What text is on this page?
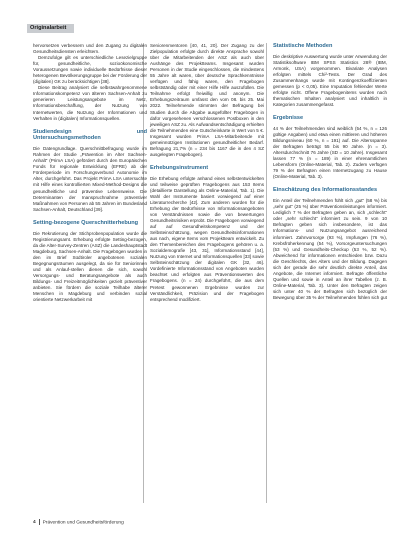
Originalarbeit

hervorsetzen verbessern und den Zugang zu digitalen Gesundheitsdiensten erleichtern.

Demzufolge gilt es unterschiedliche Lesezielgruppe für, gesundheitliche, sozioökonomische Voraussetzungen sowie individuelle Bedürfnisse dieser heterogenen Bevölkerungsgruppe bei der Förderung der (digitalen) GK zu berücksichtigen [38].

Diese Beitrag analysiert die selbstwahrgenommene Informationskompetenz von älteren Sachsen-Anhalt zu generieren Leistungsangebote im Netz, Informationsbeschaffung, der Nutzung von Internetwerten, die Nutzung der Informationen und Verhalten in (digitalen) Informationsquellen.

Studiendesign und Untersuchungsmethoden

Die Datengrundlage. Querschnittbefragung wurde im Rahmen der Studie „Prävention im Alter Sachsen-Anhalt“ (PrimA LSA) gefördert durch den Europäischen Fonds für regionale Entwicklung (EFRE) ab der Förderperiode im Forschungsverbund Autonomie im Alter, durchgeführt. Das Projekt PrimA LSA untersuchte mit Hilfe eines kontrollierten Mixed-Method-Designs die gesundheitliche und präventive Lebensweise. Die Determinanten der Inanspruchnahme präventiver Maßnahmen von Personen ab 55 Jahren im Bundesland Sachsen-Anhalt, Deutschland [39].

Setting-bezogene Querschnitterhebung

Die Rekrutierung der Stichprobenpopulation wurde die Registrierungsamt. Erhebung erfolgte Setting-bezogen, da die Alter-Survey-Zentren (ASZ) die Landeshauptstadt Magdeburg, Sachsen-Anhalt. Die Fragebögen wurden in den im Brief Südtiroler angebotenen sozialen Begegnungsräumen ausgelegt, da sie für Seniorinnen und als Anlauf-stellen dienen die sich, sowohl Versorgungs- und Beratungsangebote als auch Bildungs- und Freizeitmöglichkeiten gezielt präventiver anbieten. Sie fördern die soziale Teilhabe älterer Menschen in Magdeburg und verbinden sozial orientierte Netzwerkarbeit mit

Seniorenmentoren [40, 41, 20]. Der Zugang zu der Zielpopulation erfolgte durch direkte Ansprache sowohl über die Mitarbeitenden der ASZ als auch über Aushänge des Projektteams. Insgesamt wurden Personen in der Studie eingeschlossen, die mindestens 55 Jahre alt waren, über deutsche Sprachkenntnisse verfügen und fähig waren, den Fragebogen selbstständig oder mit einer Hilfe Hilfe auszufüllen. Die Teilnahme erfolgt freiwillig und anonym. Die Erhebungszeitraum umfasst den vom 08. bis 25. Mai 2022. Teilnehmende stimmten der Befragung bei Studien durch die Abgabe ausgefüllter Fragebögen in dafür vorgesehenen verschlossenen Postboxen in den jeweiligen ASZ zu. Als Aufwandsentschädigung erhielten die Teilnehmenden eine Gutscheinkarte in Wert von 5 €. Insgesamt wurden PrimA LSA-Mitarbeitende mit gemeinnützigen Institutionen gesundheitlicher Bedarf. Befragung 21,7% (n = 234 bis 1167 die in den 4 SZ ausgelegten Fragebogen).

Erhebungsinstrument

Die Erhebung erfolgte anhand eines selbstentwickelten und teilweise geprüften Fragebogens aus 153 Items (detaillierte Darstellung als Online-Material, Tab. 1). Die Wahl der Instrumente basiert vorwiegend auf einer Literaturrecherche [42]. Zum anderen wurden für die Erhebung der Bedürfnisse von Informationsangeboten von Verständnissen sowie die von bewertungen Gesundheitsrisiken erprobt. Die Fragebogen vorwiegend auf auf Gesundheitskompetenz und der Selbsteinschätzung, wegen Gesundheitsinformationen aus nach, eigene Items vom Projektteam entwickelt. Zu den Themenbereichen des Fragebogens gehören u. a. Sozialdemografie [43, 31], Informationsstand [44], Nutzung von Internet und Informationsquellen [33] sowie Selbsteinschätzung der digitalen GK [32, 46]. Vordefinierte Informationsstand von Angeboten wurden beachtet und erfolgten aus Präventionswerten des Fragebogens. (n = 24) durchgeführt, die aus dem Pretest gewonnenen Ergebnisse wurden zur Verständlichkeit, Präzision und der Fragebogen entsprechend modifiziert.

Statistische Methoden

Die deskriptive Auswertung wurde unter Anwendung der Statistiksoftware IBM SPSS Statistics 28® (IBM, Armonk, USA) vorgenommen. Bivariate Analysen erfolgten mittels Chi²-Tests. Der Grad des Zusammenhangs wurde mit Kontingenzkoeffizienten gemessen (p < 0,05). Eine Imputation fehlender Werte erfolgte nicht. Offene Fragebogenitems wurden nach thematischen Inhalten analysiert und inhaltlich in Kategorien zusammengefasst.

Ergebnisse

44 % der Teilnehmenden sind weiblich (54 %, n = 126 gültige Angaben) und etwa einen mittleren und höheren Bildungsniveau (60 %, n = 191) auf. Die Altersspanne der Befragten beträgt 55 bis 90 Jahre. (n = 3). Altersdurchschnitt 76 Jahre (SD = 10 Jahre). Insgesamt lassen 77 % (n = 189) in einer ehrenamtlichen Lebensform (Online-Material, Tab. 2). Zudem verfügen 79 % der Befragten einen Internetzugang zu Hause (Online-Material, Tab. 3).

Einschätzung des Informationsstandes

Ein Anteil der Teilnehmenden fühlt sich „gut“ (58 %) bis „sehr gut“ (25 %) über Präventionsleistungen informiert. Lediglich 7 % der Befragten geben an, sich „schlecht“ oder „sehr schlecht“ informiert zu sein. 9 von 10 Befragten geben sich insbesondere, ist das Informations- und Nutzungsangebot ausreichend informiert. Zahnvorsorge (93 %), Impfungen (76 %), Krebsfrüherkennung (54 %), Vorsorgeuntersuchungen (53 %) und Gesundheits-Checkup (53 %, 52 %). Abweichend für informationen entschieden bzw. Dazu die Geschlechts, des Alters und der Bildung. Dagegen sich der gerade die sehr deutlich direkte Anteil, das Angebote, die Internet informiert. Befragte öffentliche Quellen und sowie in Anteil an ihrer Tabellen (z. B. Online-Material, Tab. 3). Unter den Befragten zeigen sich unter 40 % der Befragten sich bezüglich der Bewegung über 35 % der Teilnehmenden fühlen sich gut

4 Prävention und Gesundheitsförderung
